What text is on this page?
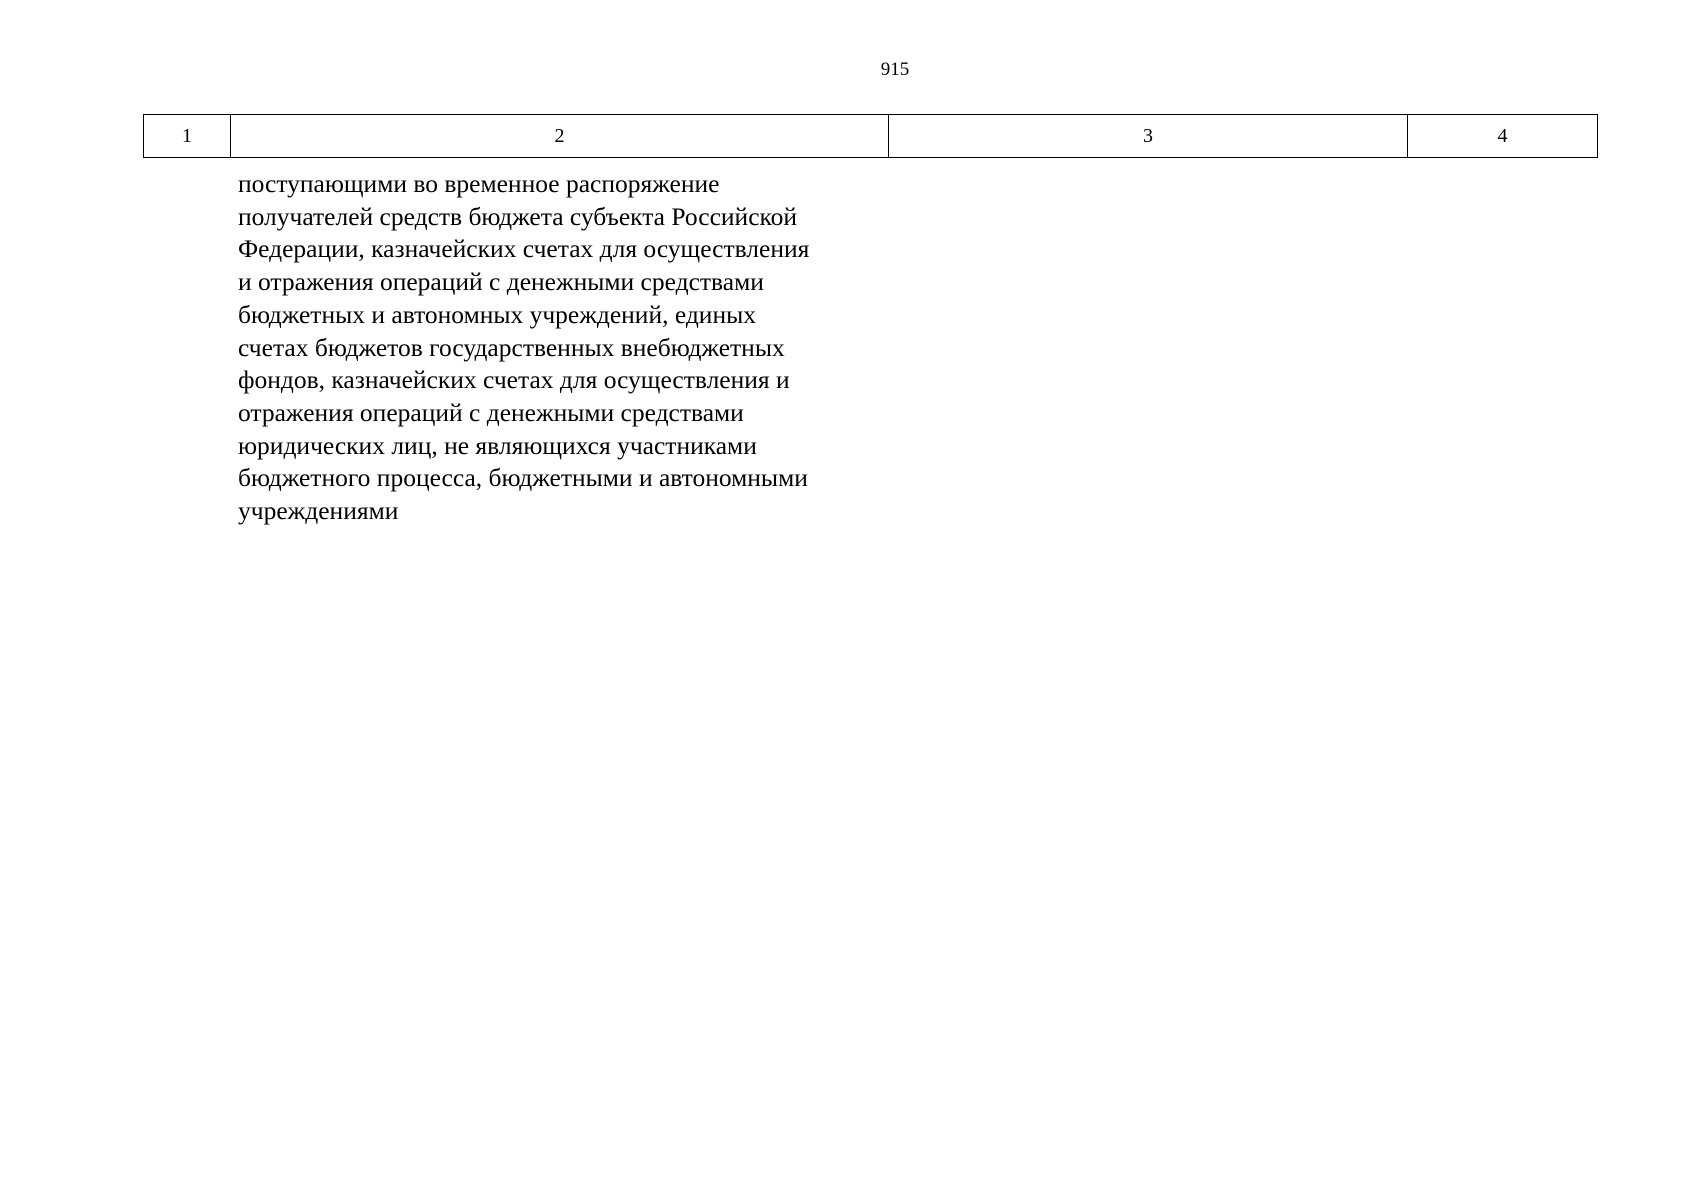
915
1	2	3	4
поступающими во временное распоряжение
получателей средств бюджета субъекта Российской
Федерации, казначейских счетах для осуществления
и отражения операций с денежными средствами
бюджетных и автономных учреждений, единых
счетах бюджетов государственных внебюджетных
фондов, казначейских счетах для осуществления и
отражения операций с денежными средствами
юридических лиц, не являющихся участниками
бюджетного процесса, бюджетными и автономными
учреждениями
